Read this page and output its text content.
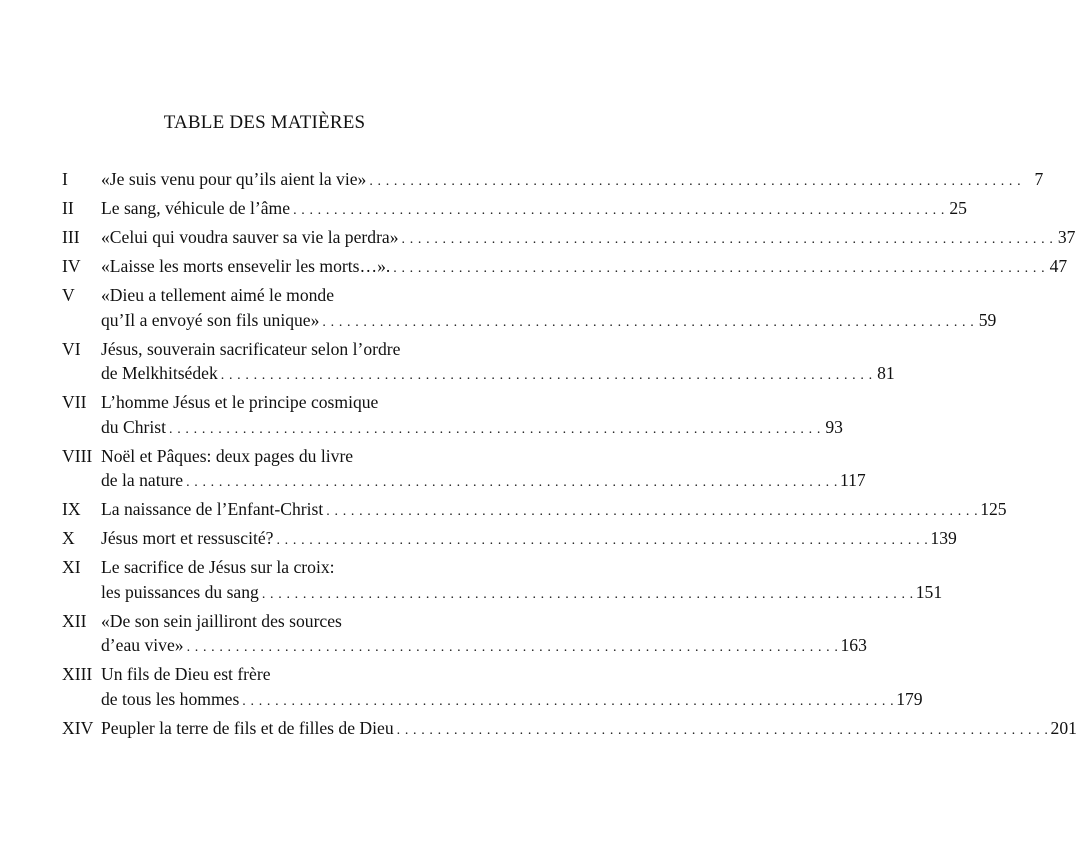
TABLE DES MATIÈRES
I	«Je suis venu pour qu’ils aient la vie» . . . . . . . . . . . . . . . . . . . . . . . . . . . . . . . . . . . . . . . . . . . . . . . . . . . . . . . . . . . . . . . . . . . . . . . . . . . . . . . . 7
II	Le sang, véhicule de l’âme . . . . . . . . . . . . . . . . . . . . . . . . . . . . . . . . . . . . . . . . . . . . . . . . . . . . . . . . . . . . . . . . . . . . . . . . . . . . . . . . 25
III	«Celui qui voudra sauver sa vie la perdra» . . . . . . . . . . . . . . . . . . . . . . . . . . . . . . . . . . . . . . . . . . . . . . . . . . . . . . . . . . . . . . . . . . . . . . . . . . . . . . . . 37
IV	«Laisse les morts ensevelir les morts…». . . . . . . . . . . . . . . . . . . . . . . . . . . . . . . . . . . . . . . . . . . . . . . . . . . . . . . . . . . . . . . . . . . . . . . . . . . . . . . . . 47
V	«Dieu a tellement aimé le monde
qu’Il a envoyé son fils unique» . . . . . . . . . . . . . . . . . . . . . . . . . . . . . . . . . . . . . . . . . . . . . . . . . . . . . . . . . . . . . . . . . . . . . . . . . . . . . . . . 59
VI	Jésus, souverain sacrificateur selon l’ordre
de Melkhitsédek . . . . . . . . . . . . . . . . . . . . . . . . . . . . . . . . . . . . . . . . . . . . . . . . . . . . . . . . . . . . . . . . . . . . . . . . . . . . . . . . 81
VII L’homme Jésus et le principe cosmique
du Christ . . . . . . . . . . . . . . . . . . . . . . . . . . . . . . . . . . . . . . . . . . . . . . . . . . . . . . . . . . . . . . . . . . . . . . . . . . . . . . . . 93
VIII Noël et Pâques: deux pages du livre
de la nature . . . . . . . . . . . . . . . . . . . . . . . . . . . . . . . . . . . . . . . . . . . . . . . . . . . . . . . . . . . . . . . . . . . . . . . . . . . . . . . . 117
IX	La naissance de l’Enfant-Christ . . . . . . . . . . . . . . . . . . . . . . . . . . . . . . . . . . . . . . . . . . . . . . . . . . . . . . . . . . . . . . . . . . . . . . . . . . . . . . . . 125
X	Jésus mort et ressuscité? . . . . . . . . . . . . . . . . . . . . . . . . . . . . . . . . . . . . . . . . . . . . . . . . . . . . . . . . . . . . . . . . . . . . . . . . . . . . . . . . 139
XI	Le sacrifice de Jésus sur la croix:
les puissances du sang . . . . . . . . . . . . . . . . . . . . . . . . . . . . . . . . . . . . . . . . . . . . . . . . . . . . . . . . . . . . . . . . . . . . . . . . . . . . . . . . 151
XII «De son sein jailliront des sources
d’eau vive» . . . . . . . . . . . . . . . . . . . . . . . . . . . . . . . . . . . . . . . . . . . . . . . . . . . . . . . . . . . . . . . . . . . . . . . . . . . . . . . . 163
XIII Un fils de Dieu est frère
de tous les hommes . . . . . . . . . . . . . . . . . . . . . . . . . . . . . . . . . . . . . . . . . . . . . . . . . . . . . . . . . . . . . . . . . . . . . . . . . . . . . . . . 179
XIV Peupler la terre de fils et de filles de Dieu . . . . . . . . . . . . . . . . . . . . . . . . . . . . . . . . . . . . . . . . . . . . . . . . . . . . . . . . . . . . . . . . . . . . . . . . . . . . . . . . 201
